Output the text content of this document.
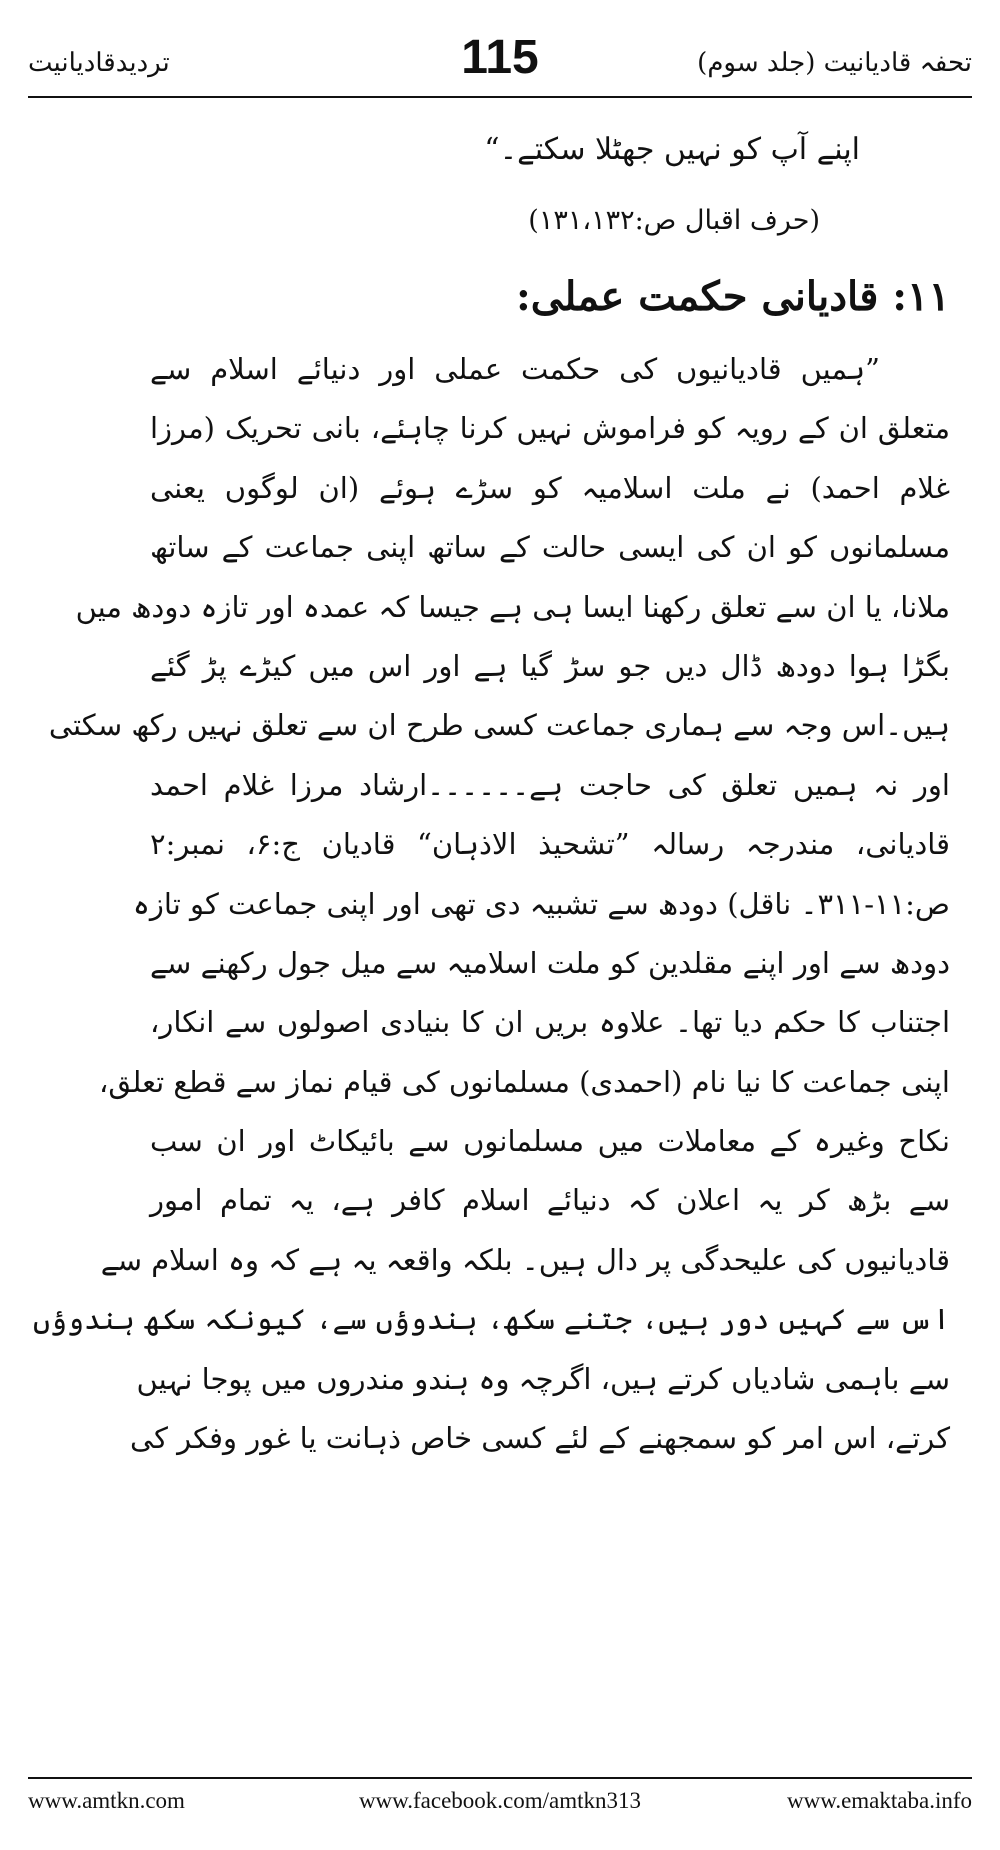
تردیدقادیانیت	115	تحفہ قادیانیت (جلد سوم)

اپنے آپ کو نہیں جھٹلا سکتے۔“

(حرف اقبال ص:۱۳۱،۱۳۲)

۱۱: قادیانی حکمت عملی:

”ہمیں قادیانیوں کی حکمت عملی اور دنیائے اسلام سے

متعلق ان کے رویہ کو فراموش نہیں کرنا چاہئے، بانی تحریک (مرزا

غلام احمد) نے ملت اسلامیہ کو سڑے ہوئے (ان لوگوں یعنی

مسلمانوں کو ان کی ایسی حالت کے ساتھ اپنی جماعت کے ساتھ

ملانا، یا ان سے تعلق رکھنا ایسا ہی ہے جیسا کہ عمدہ اور تازہ دودھ میں

بگڑا ہوا دودھ ڈال دیں جو سڑ گیا ہے اور اس میں کیڑے پڑ گئے

ہیں۔اس وجہ سے ہماری جماعت کسی طرح ان سے تعلق نہیں رکھ سکتی

اور نہ ہمیں تعلق کی حاجت ہے۔۔۔۔۔۔ارشاد مرزا غلام احمد

قادیانی، مندرجہ رسالہ ”تشحیذ الاذہان“ قادیان ج:۶، نمبر:۲

ص:۱۱-۳۱۱۔ ناقل) دودھ سے تشبیہ دی تھی اور اپنی جماعت کو تازہ

دودھ سے اور اپنے مقلدین کو ملت اسلامیہ سے میل جول رکھنے سے

اجتناب کا حکم دیا تھا۔ علاوہ بریں ان کا بنیادی اصولوں سے انکار،

اپنی جماعت کا نیا نام (احمدی) مسلمانوں کی قیام نماز سے قطع تعلق،

نکاح وغیرہ کے معاملات میں مسلمانوں سے بائیکاٹ اور ان سب

سے بڑھ کر یہ اعلان کہ دنیائے اسلام کافر ہے، یہ تمام امور

قادیانیوں کی علیحدگی پر دال ہیں۔ بلکہ واقعہ یہ ہے کہ وہ اسلام سے

اس سے کہیں دور ہیں، جتنے سکھ، ہندوؤں سے، کیونکہ سکھ ہندوؤں

سے باہمی شادیاں کرتے ہیں، اگرچہ وہ ہندو مندروں میں پوجا نہیں

کرتے، اس امر کو سمجھنے کے لئے کسی خاص ذہانت یا غور وفکر کی

www.amtkn.com	www.facebook.com/amtkn313	www.emaktaba.info
